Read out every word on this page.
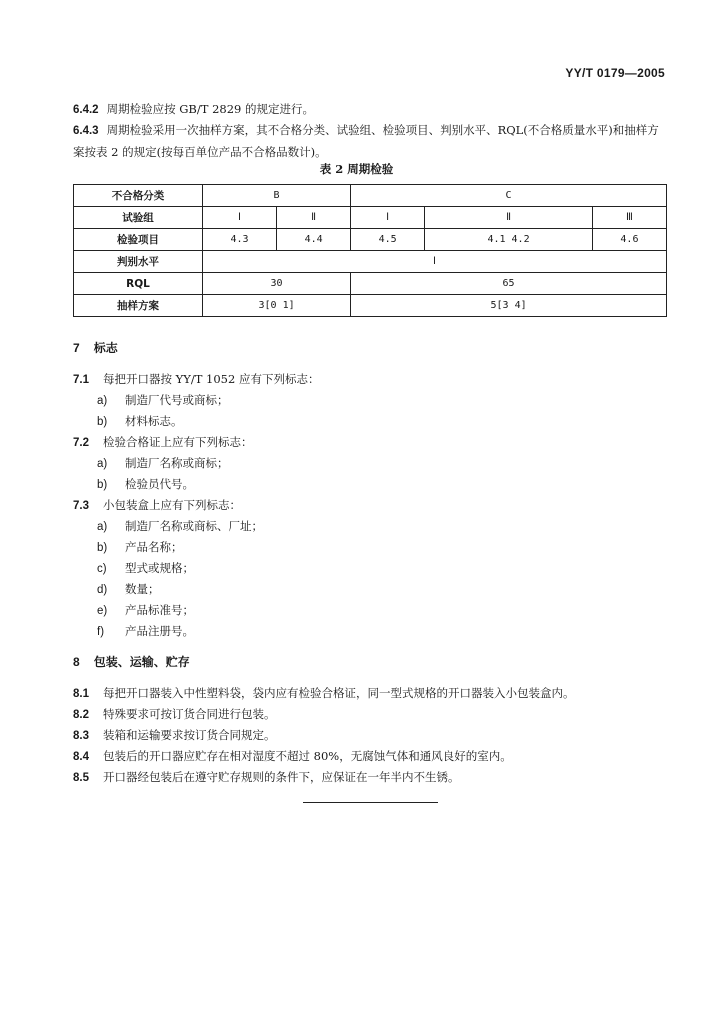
YY/T 0179—2005
6.4.2 周期检验应按 GB/T 2829 的规定进行。
6.4.3 周期检验采用一次抽样方案，其不合格分类、试验组、检验项目、判别水平、RQL(不合格质量水平)和抽样方案按表 2 的规定(按每百单位产品不合格品数计)。
表 2 周期检验
不合格分类	B		C		
试验组	Ⅰ	Ⅱ	Ⅰ	Ⅱ	Ⅲ
检验项目	4.3	4.4	4.5	4.1 4.2	4.6
判别水平	Ⅰ				
RQL	30		65		
抽样方案	3[0 1]		5[3 4]		
7 标志
7.1 每把开口器按 YY/T 1052 应有下列标志：
a) 制造厂代号或商标；
b) 材料标志。
7.2 检验合格证上应有下列标志：
a) 制造厂名称或商标；
b) 检验员代号。
7.3 小包装盒上应有下列标志：
a) 制造厂名称或商标、厂址；
b) 产品名称；
c) 型式或规格；
d) 数量；
e) 产品标准号；
f) 产品注册号。
8 包装、运输、贮存
8.1 每把开口器装入中性塑料袋，袋内应有检验合格证，同一型式规格的开口器装入小包装盒内。
8.2 特殊要求可按订货合同进行包装。
8.3 装箱和运输要求按订货合同规定。
8.4 包装后的开口器应贮存在相对湿度不超过 80%，无腐蚀气体和通风良好的室内。
8.5 开口器经包装后在遵守贮存规则的条件下，应保证在一年半内不生锈。
